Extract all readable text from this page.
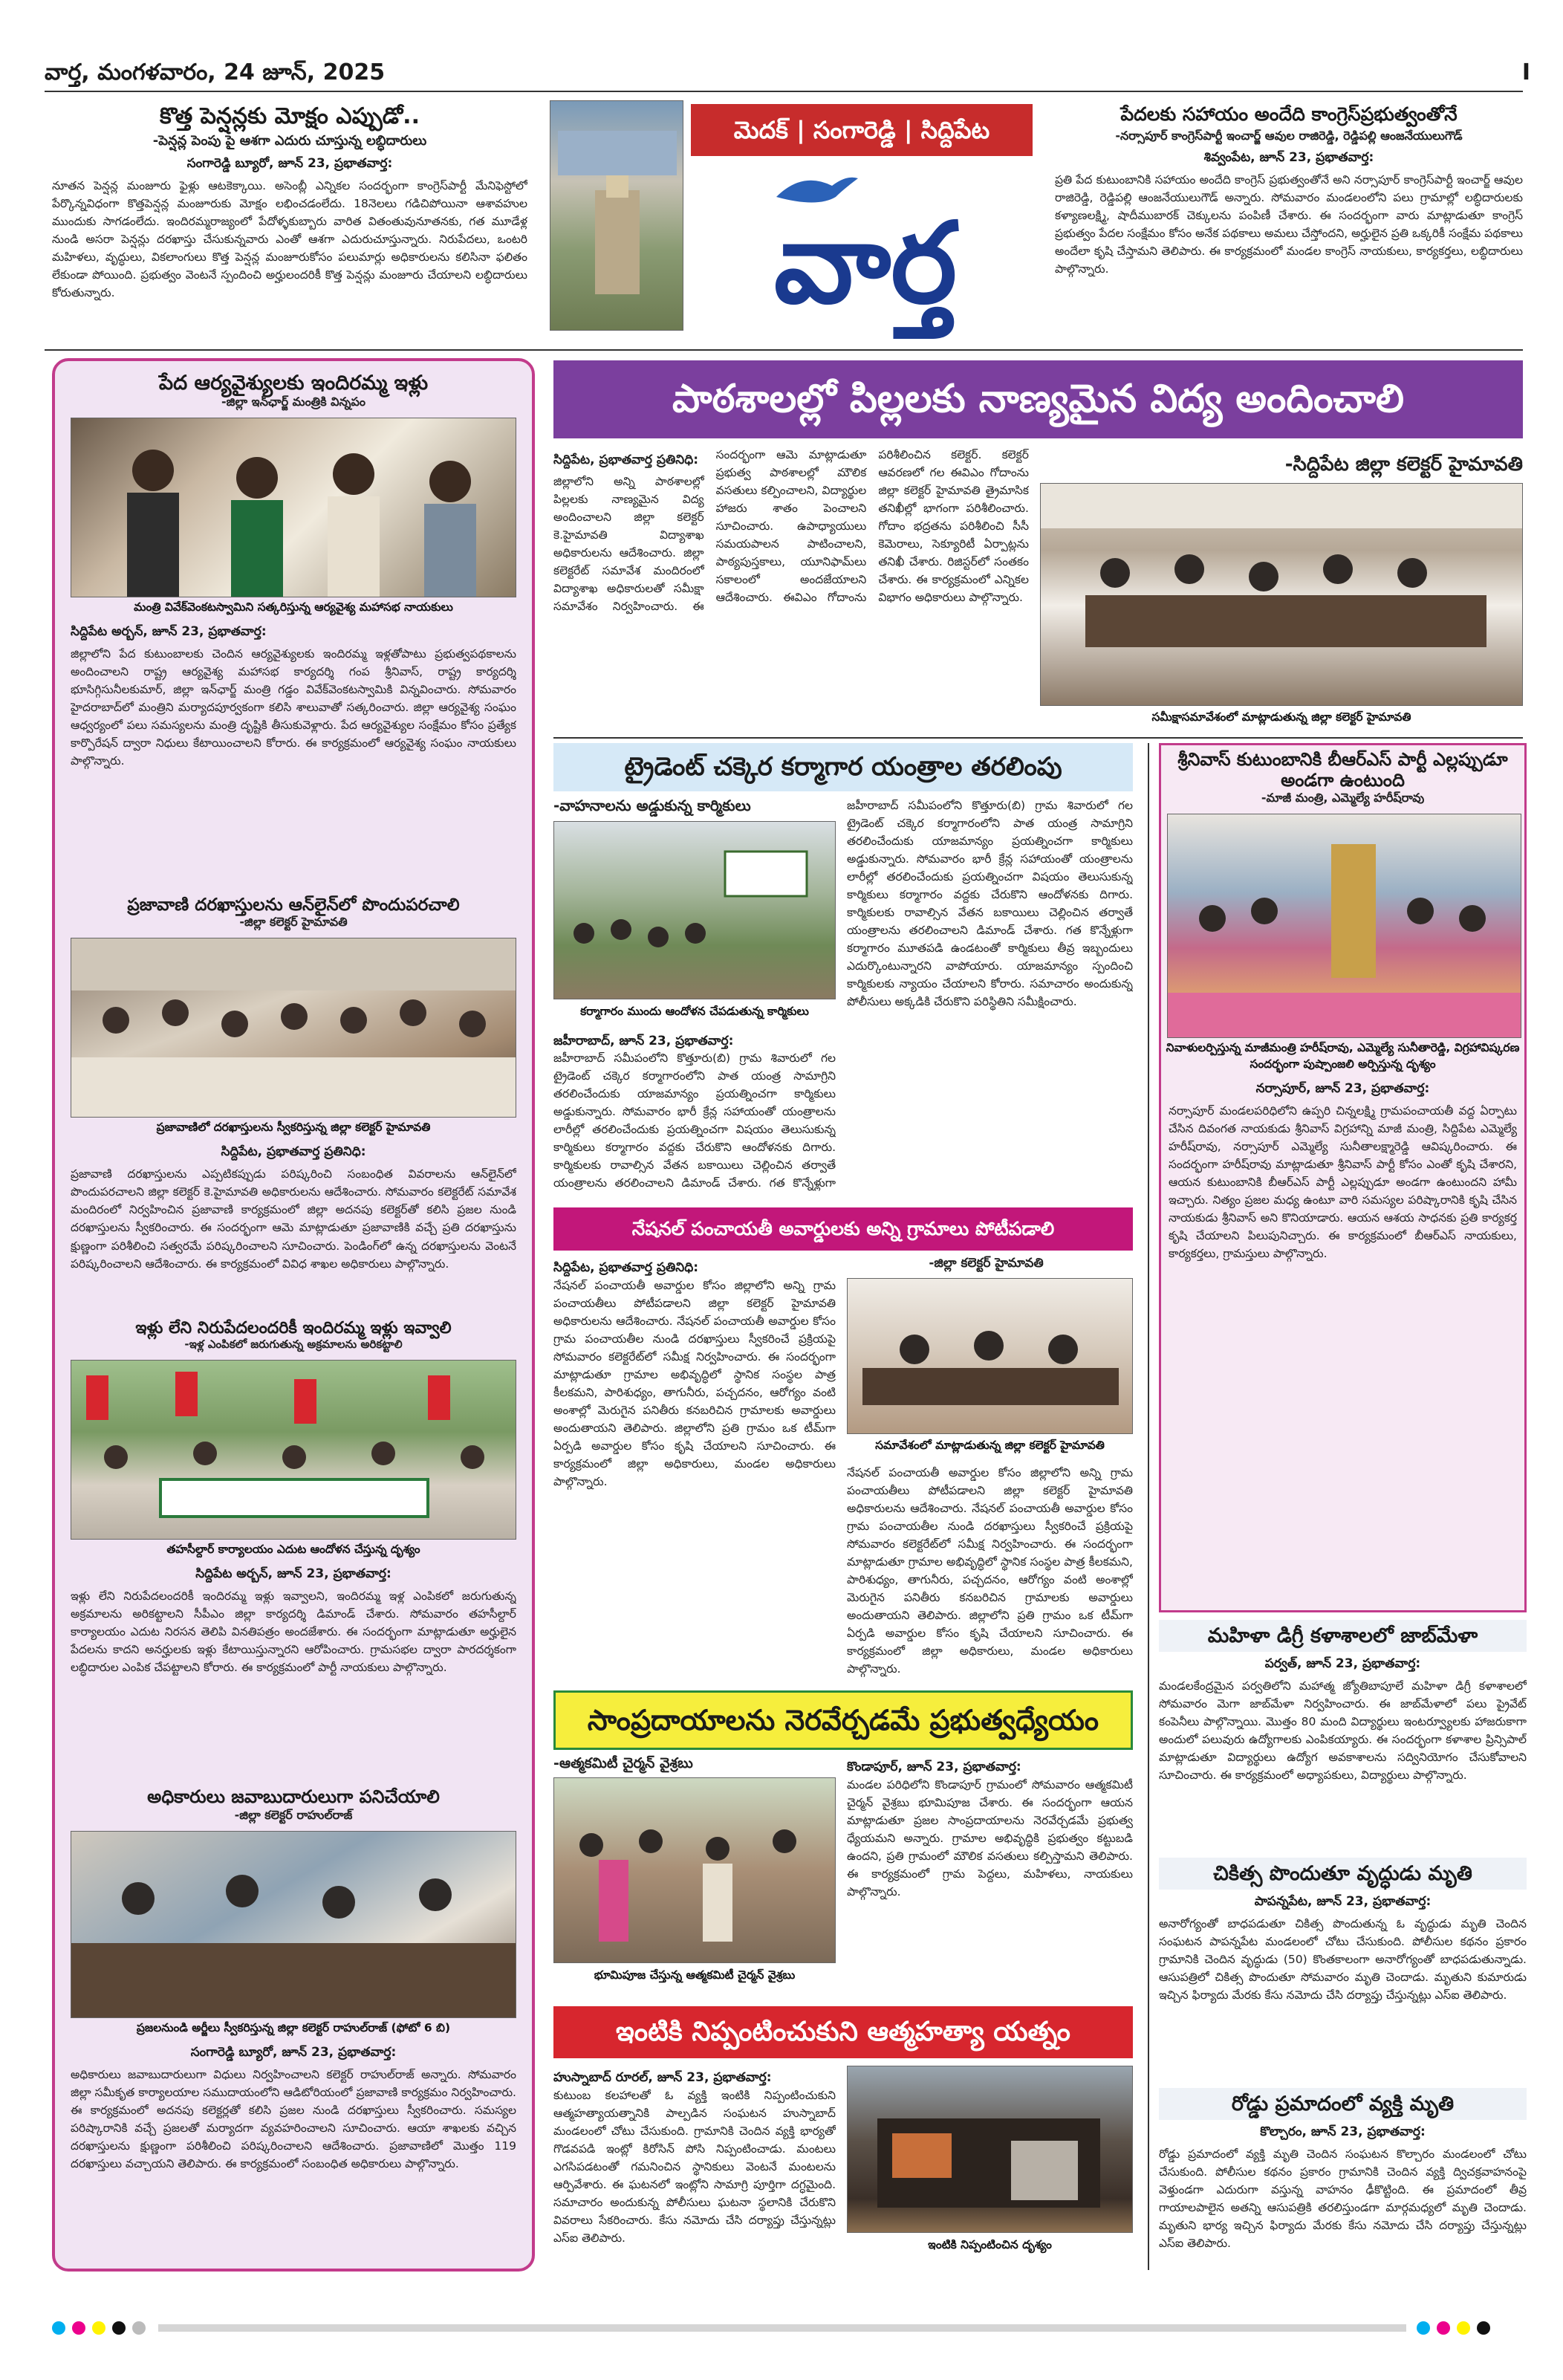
వార్త, మంగళవారం, 24 జూన్, 2025	I
కొత్త పెన్షన్లకు మోక్షం ఎప్పుడో..
-పెన్షన్ల పెంపు పై ఆశగా ఎదురు చూస్తున్న లబ్ధిదారులు
సంగారెడ్డి బ్యూరో, జూన్ 23, ప్రభాతవార్త:
నూతన పెన్షన్ల మంజూరు ఫైళ్లు ఆటకెక్కాయి. అసెంబ్లీ ఎన్నికల సందర్భంగా కాంగ్రెస్‌పార్టీ మేనిఫెస్టోలో పేర్కొన్నవిధంగా కొత్తపెన్షన్ల మంజూరుకు మోక్షం లభించడంలేదు. 18నెలలు గడిచిపోయినా ఆశావహుల ముందుకు సాగడంలేదు. ఇందిరమ్మరాజ్యంలో పేదోళ్ళకుబ్బారు వారిత వితంతువునూతనకు, గత మూడేళ్ల నుండి అసరా పెన్షన్లు దరఖాస్తు చేసుకున్నవారు ఎంతో ఆశగా ఎదురుచూస్తున్నారు. నిరుపేదలు, ఒంటరి మహిళలు, వృద్ధులు, వికలాంగులు కొత్త పెన్షన్ల మంజూరుకోసం పలుమార్లు అధికారులను కలిసినా ఫలితం లేకుండా పోయింది. ప్రభుత్వం వెంటనే స్పందించి అర్హులందరికీ కొత్త పెన్షన్లు మంజూరు చేయాలని లబ్ధిదారులు కోరుతున్నారు.
మెదక్ | సంగారెడ్డి | సిద్దిపేట
వార్త
పేదలకు సహాయం అందేది కాంగ్రెస్‌ప్రభుత్వంతోనే
-నర్సాపూర్ కాంగ్రెస్‌పార్టీ ఇంచార్జ్ ఆవుల రాజిరెడ్డి, రెడ్డిపల్లి ఆంజనేయులుగౌడ్
శివ్వంపేట, జూన్ 23, ప్రభాతవార్త:
ప్రతి పేద కుటుంబానికి సహాయం అందేది కాంగ్రెస్ ప్రభుత్వంతోనే అని నర్సాపూర్ కాంగ్రెస్‌పార్టీ ఇంచార్జ్ ఆవుల రాజిరెడ్డి, రెడ్డిపల్లి ఆంజనేయులుగౌడ్ అన్నారు. సోమవారం మండలంలోని పలు గ్రామాల్లో లబ్ధిదారులకు కళ్యాణలక్ష్మి, షాదీముబారక్ చెక్కులను పంపిణీ చేశారు. ఈ సందర్భంగా వారు మాట్లాడుతూ కాంగ్రెస్ ప్రభుత్వం పేదల సంక్షేమం కోసం అనేక పథకాలు అమలు చేస్తోందని, అర్హులైన ప్రతి ఒక్కరికీ సంక్షేమ పథకాలు అందేలా కృషి చేస్తామని తెలిపారు. ఈ కార్యక్రమంలో మండల కాంగ్రెస్ నాయకులు, కార్యకర్తలు, లబ్ధిదారులు పాల్గొన్నారు.
పేద ఆర్యవైశ్యులకు ఇందిరమ్మ ఇళ్లు
-జిల్లా ఇన్‌ఛార్జ్ మంత్రికి విన్నపం
మంత్రి వివేక్‌వెంకటస్వామిని సత్కరిస్తున్న ఆర్యవైశ్య మహాసభ నాయకులు
సిద్దిపేట అర్బన్, జూన్ 23, ప్రభాతవార్త:
జిల్లాలోని పేద కుటుంబాలకు చెందిన ఆర్యవైశ్యులకు ఇందిరమ్మ ఇళ్లతోపాటు ప్రభుత్వపథకాలను అందించాలని రాష్ట్ర ఆర్యవైశ్య మహాసభ కార్యదర్శి గంప శ్రీనివాస్, రాష్ట్ర కార్యదర్శి భూసిగ్గిసునీలకుమార్, జిల్లా ఇన్‌ఛార్జ్ మంత్రి గడ్డం వివేక్‌వెంకటస్వామికి విన్నవించారు. సోమవారం హైదరాబాద్‌లో మంత్రిని మర్యాదపూర్వకంగా కలిసి శాలువాతో సత్కరించారు. జిల్లా ఆర్యవైశ్య సంఘం ఆధ్వర్యంలో పలు సమస్యలను మంత్రి దృష్టికి తీసుకువెళ్లారు. పేద ఆర్యవైశ్యుల సంక్షేమం కోసం ప్రత్యేక కార్పొరేషన్ ద్వారా నిధులు కేటాయించాలని కోరారు. ఈ కార్యక్రమంలో ఆర్యవైశ్య సంఘం నాయకులు పాల్గొన్నారు.
ప్రజావాణి దరఖాస్తులను ఆన్‌లైన్‌లో పొందుపరచాలి
-జిల్లా కలెక్టర్ హైమావతి
ప్రజావాణిలో దరఖాస్తులను స్వీకరిస్తున్న జిల్లా కలెక్టర్ హైమావతి
సిద్దిపేట, ప్రభాతవార్త ప్రతినిధి:
ప్రజావాణి దరఖాస్తులను ఎప్పటికప్పుడు పరిష్కరించి సంబంధిత వివరాలను ఆన్‌లైన్‌లో పొందుపరచాలని జిల్లా కలెక్టర్ కె.హైమావతి అధికారులను ఆదేశించారు. సోమవారం కలెక్టరేట్ సమావేశ మందిరంలో నిర్వహించిన ప్రజావాణి కార్యక్రమంలో జిల్లా అదనపు కలెక్టర్‌తో కలిసి ప్రజల నుండి దరఖాస్తులను స్వీకరించారు. ఈ సందర్భంగా ఆమె మాట్లాడుతూ ప్రజావాణికి వచ్చే ప్రతి దరఖాస్తును క్షుణ్ణంగా పరిశీలించి సత్వరమే పరిష్కరించాలని సూచించారు. పెండింగ్‌లో ఉన్న దరఖాస్తులను వెంటనే పరిష్కరించాలని ఆదేశించారు. ఈ కార్యక్రమంలో వివిధ శాఖల అధికారులు పాల్గొన్నారు.
ఇళ్లు లేని నిరుపేదలందరికీ ఇందిరమ్మ ఇళ్లు ఇవ్వాలి
-ఇళ్ల ఎంపికలో జరుగుతున్న అక్రమాలను అరికట్టాలి
తహసీల్దార్ కార్యాలయం ఎదుట ఆందోళన చేస్తున్న దృశ్యం
సిద్దిపేట అర్బన్, జూన్ 23, ప్రభాతవార్త:
ఇళ్లు లేని నిరుపేదలందరికీ ఇందిరమ్మ ఇళ్లు ఇవ్వాలని, ఇందిరమ్మ ఇళ్ల ఎంపికలో జరుగుతున్న అక్రమాలను అరికట్టాలని సీపీఎం జిల్లా కార్యదర్శి డిమాండ్ చేశారు. సోమవారం తహసీల్దార్ కార్యాలయం ఎదుట నిరసన తెలిపి వినతిపత్రం అందజేశారు. ఈ సందర్భంగా మాట్లాడుతూ అర్హులైన పేదలను కాదని అనర్హులకు ఇళ్లు కేటాయిస్తున్నారని ఆరోపించారు. గ్రామసభల ద్వారా పారదర్శకంగా లబ్ధిదారుల ఎంపిక చేపట్టాలని కోరారు. ఈ కార్యక్రమంలో పార్టీ నాయకులు పాల్గొన్నారు.
అధికారులు జవాబుదారులుగా పనిచేయాలి
-జిల్లా కలెక్టర్ రాహుల్‌రాజ్
ప్రజలనుండి అర్జీలు స్వీకరిస్తున్న జిల్లా కలెక్టర్ రాహుల్‌రాజ్ (ఫోటో 6 బి)
సంగారెడ్డి బ్యూరో, జూన్ 23, ప్రభాతవార్త:
అధికారులు జవాబుదారులుగా విధులు నిర్వహించాలని కలెక్టర్ రాహుల్‌రాజ్ అన్నారు. సోమవారం జిల్లా సమీకృత కార్యాలయాల సముదాయంలోని ఆడిటోరియంలో ప్రజావాణి కార్యక్రమం నిర్వహించారు. ఈ కార్యక్రమంలో అదనపు కలెక్టర్లతో కలిసి ప్రజల నుండి దరఖాస్తులు స్వీకరించారు. సమస్యల పరిష్కారానికి వచ్చే ప్రజలతో మర్యాదగా వ్యవహరించాలని సూచించారు. ఆయా శాఖలకు వచ్చిన దరఖాస్తులను క్షుణ్ణంగా పరిశీలించి పరిష్కరించాలని ఆదేశించారు. ప్రజావాణిలో మొత్తం 119 దరఖాస్తులు వచ్చాయని తెలిపారు. ఈ కార్యక్రమంలో సంబంధిత అధికారులు పాల్గొన్నారు.
పాఠశాలల్లో పిల్లలకు నాణ్యమైన విద్య అందించాలి
సిద్దిపేట, ప్రభాతవార్త ప్రతినిధి:
జిల్లాలోని అన్ని పాఠశాలల్లో పిల్లలకు నాణ్యమైన విద్య అందించాలని జిల్లా కలెక్టర్ కె.హైమావతి విద్యాశాఖ అధికారులను ఆదేశించారు. జిల్లా కలెక్టరేట్ సమావేశ మందిరంలో విద్యాశాఖ అధికారులతో సమీక్షా సమావేశం నిర్వహించారు. ఈ సందర్భంగా ఆమె మాట్లాడుతూ ప్రభుత్వ పాఠశాలల్లో మౌలిక వసతులు కల్పించాలని, విద్యార్థుల హాజరు శాతం పెంచాలని సూచించారు. ఉపాధ్యాయులు సమయపాలన పాటించాలని, పాఠ్యపుస్తకాలు, యూనిఫామ్‌లు సకాలంలో అందజేయాలని ఆదేశించారు. ఈవిఎం గోదాంను పరిశీలించిన కలెక్టర్. కలెక్టర్ ఆవరణలో గల ఈవిఎం గోదాంను జిల్లా కలెక్టర్ హైమావతి త్రైమాసిక తనిఖీల్లో భాగంగా పరిశీలించారు. గోదాం భద్రతను పరిశీలించి సీసీ కెమెరాలు, సెక్యూరిటీ ఏర్పాట్లను తనిఖీ చేశారు. రిజిస్టర్‌లో సంతకం చేశారు. ఈ కార్యక్రమంలో ఎన్నికల విభాగం అధికారులు పాల్గొన్నారు.
-సిద్దిపేట జిల్లా కలెక్టర్ హైమావతి
సమీక్షాసమావేశంలో మాట్లాడుతున్న జిల్లా కలెక్టర్ హైమావతి
ట్రైడెంట్ చక్కెర కర్మాగార యంత్రాల తరలింపు
-వాహనాలను అడ్డుకున్న కార్మికులు
కర్మాగారం ముందు ఆందోళన చేపడుతున్న కార్మికులు
జహీరాబాద్, జూన్ 23, ప్రభాతవార్త:
జహీరాబాద్ సమీపంలోని కొత్తూరు(బి) గ్రామ శివారులో గల ట్రైడెంట్ చక్కెర కర్మాగారంలోని పాత యంత్ర సామాగ్రిని తరలించేందుకు యాజమాన్యం ప్రయత్నించగా కార్మికులు అడ్డుకున్నారు. సోమవారం భారీ క్రేన్ల సహాయంతో యంత్రాలను లారీల్లో తరలించేందుకు ప్రయత్నించగా విషయం తెలుసుకున్న కార్మికులు కర్మాగారం వద్దకు చేరుకొని ఆందోళనకు దిగారు. కార్మికులకు రావాల్సిన వేతన బకాయిలు చెల్లించిన తర్వాతే యంత్రాలను తరలించాలని డిమాండ్ చేశారు. గత కొన్నేళ్లుగా
జహీరాబాద్ సమీపంలోని కొత్తూరు(బి) గ్రామ శివారులో గల ట్రైడెంట్ చక్కెర కర్మాగారంలోని పాత యంత్ర సామాగ్రిని తరలించేందుకు యాజమాన్యం ప్రయత్నించగా కార్మికులు అడ్డుకున్నారు. సోమవారం భారీ క్రేన్ల సహాయంతో యంత్రాలను లారీల్లో తరలించేందుకు ప్రయత్నించగా విషయం తెలుసుకున్న కార్మికులు కర్మాగారం వద్దకు చేరుకొని ఆందోళనకు దిగారు. కార్మికులకు రావాల్సిన వేతన బకాయిలు చెల్లించిన తర్వాతే యంత్రాలను తరలించాలని డిమాండ్ చేశారు. గత కొన్నేళ్లుగా కర్మాగారం మూతపడి ఉండటంతో కార్మికులు తీవ్ర ఇబ్బందులు ఎదుర్కొంటున్నారని వాపోయారు. యాజమాన్యం స్పందించి కార్మికులకు న్యాయం చేయాలని కోరారు. సమాచారం అందుకున్న పోలీసులు అక్కడికి చేరుకొని పరిస్థితిని సమీక్షించారు.
శ్రీనివాస్ కుటుంబానికి బీఆర్ఎస్ పార్టీ ఎల్లప్పుడూ అండగా ఉంటుంది
-మాజీ మంత్రి, ఎమ్మెల్యే హరీష్‌రావు
నివాళులర్పిస్తున్న మాజీమంత్రి హరీష్‌రావు, ఎమ్మెల్యే సునీతారెడ్డి, విగ్రహావిష్కరణ సందర్భంగా పుష్పాంజలి అర్పిస్తున్న దృశ్యం
నర్సాపూర్, జూన్ 23, ప్రభాతవార్త:
నర్సాపూర్ మండలపరిధిలోని ఉప్పరి చిన్నలక్ష్మి గ్రామపంచాయతీ వద్ద ఏర్పాటు చేసిన దివంగత నాయకుడు శ్రీనివాస్ విగ్రహాన్ని మాజీ మంత్రి, సిద్దిపేట ఎమ్మెల్యే హరీష్‌రావు, నర్సాపూర్ ఎమ్మెల్యే సునీతాలక్ష్మారెడ్డి ఆవిష్కరించారు. ఈ సందర్భంగా హరీష్‌రావు మాట్లాడుతూ శ్రీనివాస్ పార్టీ కోసం ఎంతో కృషి చేశారని, ఆయన కుటుంబానికి బీఆర్ఎస్ పార్టీ ఎల్లప్పుడూ అండగా ఉంటుందని హామీ ఇచ్చారు. నిత్యం ప్రజల మధ్య ఉంటూ వారి సమస్యల పరిష్కారానికి కృషి చేసిన నాయకుడు శ్రీనివాస్ అని కొనియాడారు. ఆయన ఆశయ సాధనకు ప్రతి కార్యకర్త కృషి చేయాలని పిలుపునిచ్చారు. ఈ కార్యక్రమంలో బీఆర్ఎస్ నాయకులు, కార్యకర్తలు, గ్రామస్తులు పాల్గొన్నారు.
నేషనల్ పంచాయతీ అవార్డులకు అన్ని గ్రామాలు పోటీపడాలి
-జిల్లా కలెక్టర్ హైమావతి
సిద్దిపేట, ప్రభాతవార్త ప్రతినిధి:
నేషనల్ పంచాయతీ అవార్డుల కోసం జిల్లాలోని అన్ని గ్రామ పంచాయతీలు పోటీపడాలని జిల్లా కలెక్టర్ హైమావతి అధికారులను ఆదేశించారు. నేషనల్ పంచాయతీ అవార్డుల కోసం గ్రామ పంచాయతీల నుండి దరఖాస్తులు స్వీకరించే ప్రక్రియపై సోమవారం కలెక్టరేట్‌లో సమీక్ష నిర్వహించారు. ఈ సందర్భంగా మాట్లాడుతూ గ్రామాల అభివృద్ధిలో స్థానిక సంస్థల పాత్ర కీలకమని, పారిశుధ్యం, తాగునీరు, పచ్చదనం, ఆరోగ్యం వంటి అంశాల్లో మెరుగైన పనితీరు కనబరిచిన గ్రామాలకు అవార్డులు అందుతాయని తెలిపారు. జిల్లాలోని ప్రతి గ్రామం ఒక టీమ్‌గా ఏర్పడి అవార్డుల కోసం కృషి చేయాలని సూచించారు. ఈ కార్యక్రమంలో జిల్లా అధికారులు, మండల అధికారులు పాల్గొన్నారు.
సమావేశంలో మాట్లాడుతున్న జిల్లా కలెక్టర్ హైమావతి
నేషనల్ పంచాయతీ అవార్డుల కోసం జిల్లాలోని అన్ని గ్రామ పంచాయతీలు పోటీపడాలని జిల్లా కలెక్టర్ హైమావతి అధికారులను ఆదేశించారు. నేషనల్ పంచాయతీ అవార్డుల కోసం గ్రామ పంచాయతీల నుండి దరఖాస్తులు స్వీకరించే ప్రక్రియపై సోమవారం కలెక్టరేట్‌లో సమీక్ష నిర్వహించారు. ఈ సందర్భంగా మాట్లాడుతూ గ్రామాల అభివృద్ధిలో స్థానిక సంస్థల పాత్ర కీలకమని, పారిశుధ్యం, తాగునీరు, పచ్చదనం, ఆరోగ్యం వంటి అంశాల్లో మెరుగైన పనితీరు కనబరిచిన గ్రామాలకు అవార్డులు అందుతాయని తెలిపారు. జిల్లాలోని ప్రతి గ్రామం ఒక టీమ్‌గా ఏర్పడి అవార్డుల కోసం కృషి చేయాలని సూచించారు. ఈ కార్యక్రమంలో జిల్లా అధికారులు, మండల అధికారులు పాల్గొన్నారు.
సాంప్రదాయాలను నెరవేర్చడమే ప్రభుత్వధ్యేయం
-ఆత్మకమిటీ చైర్మన్ వైశ్రబు
భూమిపూజ చేస్తున్న ఆత్మకమిటీ చైర్మన్ వైశ్రబు
కొండాపూర్, జూన్ 23, ప్రభాతవార్త:
మండల పరిధిలోని కొండాపూర్ గ్రామంలో సోమవారం ఆత్మకమిటీ చైర్మన్ వైశ్రబు భూమిపూజ చేశారు. ఈ సందర్భంగా ఆయన మాట్లాడుతూ ప్రజల సాంప్రదాయాలను నెరవేర్చడమే ప్రభుత్వ ధ్యేయమని అన్నారు. గ్రామాల అభివృద్ధికి ప్రభుత్వం కట్టుబడి ఉందని, ప్రతి గ్రామంలో మౌలిక వసతులు కల్పిస్తామని తెలిపారు. ఈ కార్యక్రమంలో గ్రామ పెద్దలు, మహిళలు, నాయకులు పాల్గొన్నారు.
ఇంటికి నిప్పంటించుకుని ఆత్మహత్యా యత్నం
హుస్నాబాద్ రూరల్, జూన్ 23, ప్రభాతవార్త:
కుటుంబ కలహాలతో ఓ వ్యక్తి ఇంటికి నిప్పంటించుకుని ఆత్మహత్యాయత్నానికి పాల్పడిన సంఘటన హుస్నాబాద్ మండలంలో చోటు చేసుకుంది. గ్రామానికి చెందిన వ్యక్తి భార్యతో గొడవపడి ఇంట్లో కిరోసిన్ పోసి నిప్పంటించాడు. మంటలు ఎగసిపడటంతో గమనించిన స్థానికులు వెంటనే మంటలను ఆర్పివేశారు. ఈ ఘటనలో ఇంట్లోని సామాగ్రి పూర్తిగా దగ్ధమైంది. సమాచారం అందుకున్న పోలీసులు ఘటనా స్థలానికి చేరుకొని వివరాలు సేకరించారు. కేసు నమోదు చేసి దర్యాప్తు చేస్తున్నట్లు ఎస్ఐ తెలిపారు.	ఇంటికి నిప్పంటించిన దృశ్యం
మహిళా డిగ్రీ కళాశాలలో జాబ్‌మేళా
పర్వత్, జూన్ 23, ప్రభాతవార్త:
మండలకేంద్రమైన పర్వతిలోని మహాత్మ జ్యోతిబాపూలే మహిళా డిగ్రీ కళాశాలలో సోమవారం మెగా జాబ్‌మేళా నిర్వహించారు. ఈ జాబ్‌మేళాలో పలు ప్రైవేట్ కంపెనీలు పాల్గొన్నాయి. మొత్తం 80 మంది విద్యార్థులు ఇంటర్వ్యూలకు హాజరుకాగా అందులో పలువురు ఉద్యోగాలకు ఎంపికయ్యారు. ఈ సందర్భంగా కళాశాల ప్రిన్సిపాల్ మాట్లాడుతూ విద్యార్థులు ఉద్యోగ అవకాశాలను సద్వినియోగం చేసుకోవాలని సూచించారు. ఈ కార్యక్రమంలో అధ్యాపకులు, విద్యార్థులు పాల్గొన్నారు.
చికిత్స పొందుతూ వృద్ధుడు మృతి
పాపన్నపేట, జూన్ 23, ప్రభాతవార్త:
అనారోగ్యంతో బాధపడుతూ చికిత్స పొందుతున్న ఓ వృద్ధుడు మృతి చెందిన సంఘటన పాపన్నపేట మండలంలో చోటు చేసుకుంది. పోలీసుల కథనం ప్రకారం గ్రామానికి చెందిన వృద్ధుడు (50) కొంతకాలంగా అనారోగ్యంతో బాధపడుతున్నాడు. ఆసుపత్రిలో చికిత్స పొందుతూ సోమవారం మృతి చెందాడు. మృతుని కుమారుడు ఇచ్చిన ఫిర్యాదు మేరకు కేసు నమోదు చేసి దర్యాప్తు చేస్తున్నట్లు ఎస్ఐ తెలిపారు.
రోడ్డు ప్రమాదంలో వ్యక్తి మృతి
కొల్చారం, జూన్ 23, ప్రభాతవార్త:
రోడ్డు ప్రమాదంలో వ్యక్తి మృతి చెందిన సంఘటన కొల్చారం మండలంలో చోటు చేసుకుంది. పోలీసుల కథనం ప్రకారం గ్రామానికి చెందిన వ్యక్తి ద్విచక్రవాహనంపై వెళ్తుండగా ఎదురుగా వస్తున్న వాహనం ఢీకొట్టింది. ఈ ప్రమాదంలో తీవ్ర గాయాలపాలైన అతన్ని ఆసుపత్రికి తరలిస్తుండగా మార్గమధ్యలో మృతి చెందాడు. మృతుని భార్య ఇచ్చిన ఫిర్యాదు మేరకు కేసు నమోదు చేసి దర్యాప్తు చేస్తున్నట్లు ఎస్ఐ తెలిపారు.
